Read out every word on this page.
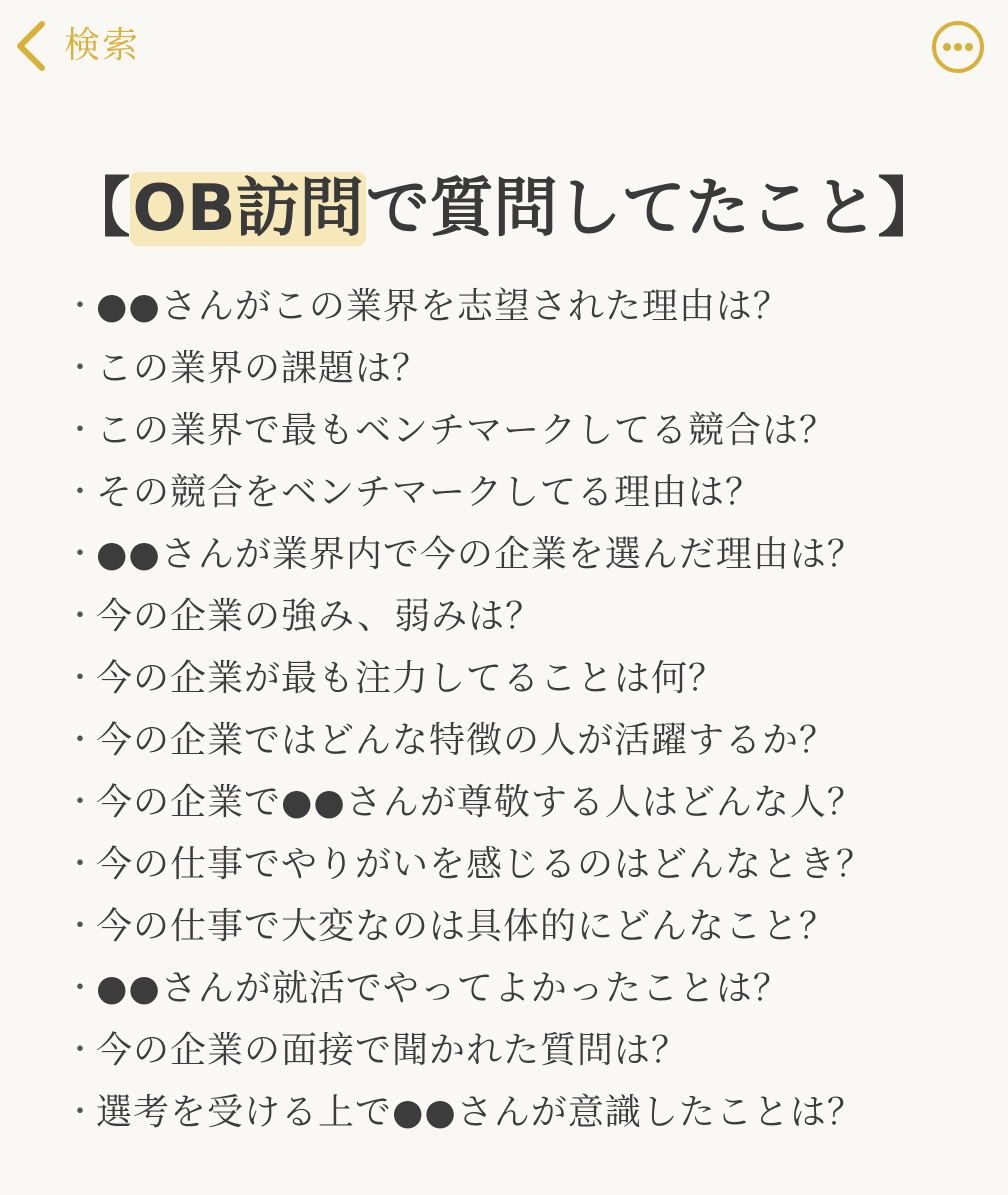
検索
【OB訪問で質問してたこと】
・ ●●さんがこの業界を志望された理由は？
・ この業界の課題は？
・ この業界で最もベンチマークしてる競合は？
・ その競合をベンチマークしてる理由は？
・ ●●さんが業界内で今の企業を選んだ理由は？
・ 今の企業の強み、弱みは？
・ 今の企業が最も注力してることは何？
・ 今の企業ではどんな特徴の人が活躍するか？
・ 今の企業で●●さんが尊敬する人はどんな人？
・ 今の仕事でやりがいを感じるのはどんなとき？
・ 今の仕事で大変なのは具体的にどんなこと？
・ ●●さんが就活でやってよかったことは？
・ 今の企業の面接で聞かれた質問は？
・ 選考を受ける上で●●さんが意識したことは？
